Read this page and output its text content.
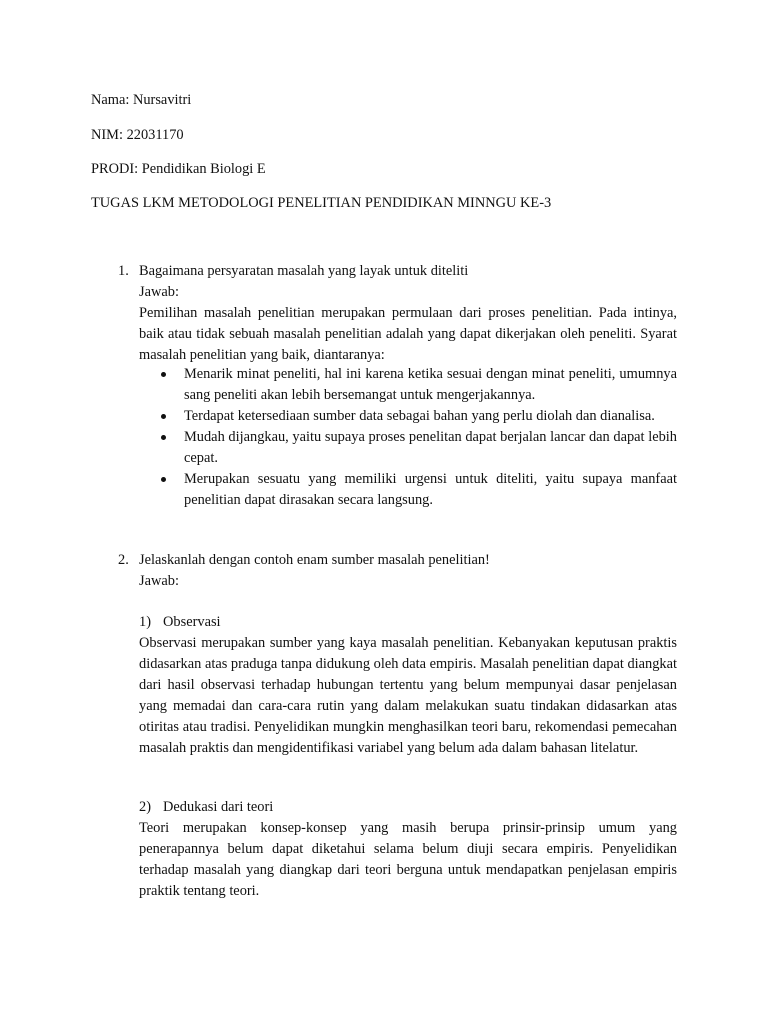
Nama: Nursavitri
NIM: 22031170
PRODI: Pendidikan Biologi E
TUGAS LKM METODOLOGI PENELITIAN PENDIDIKAN MINNGU KE-3
1. Bagaimana persyaratan masalah yang layak untuk diteliti
Jawab:
Pemilihan masalah penelitian merupakan permulaan dari proses penelitian. Pada intinya, baik atau tidak sebuah masalah penelitian adalah yang dapat dikerjakan oleh peneliti. Syarat masalah penelitian yang baik, diantaranya:
Menarik minat peneliti, hal ini karena ketika sesuai dengan minat peneliti, umumnya sang peneliti akan lebih bersemangat untuk mengerjakannya.
Terdapat ketersediaan sumber data sebagai bahan yang perlu diolah dan dianalisa.
Mudah dijangkau, yaitu supaya proses penelitan dapat berjalan lancar dan dapat lebih cepat.
Merupakan sesuatu yang memiliki urgensi untuk diteliti, yaitu supaya manfaat penelitian dapat dirasakan secara langsung.
2. Jelaskanlah dengan contoh enam sumber masalah penelitian!
Jawab:
1) Observasi
Observasi merupakan sumber yang kaya masalah penelitian. Kebanyakan keputusan praktis didasarkan atas praduga tanpa didukung oleh data empiris. Masalah penelitian dapat diangkat dari hasil observasi terhadap hubungan tertentu yang belum mempunyai dasar penjelasan yang memadai dan cara-cara rutin yang dalam melakukan suatu tindakan didasarkan atas otiritas atau tradisi. Penyelidikan mungkin menghasilkan teori baru, rekomendasi pemecahan masalah praktis dan mengidentifikasi variabel yang belum ada dalam bahasan litelatur.
2) Dedukasi dari teori
Teori merupakan konsep-konsep yang masih berupa prinsir-prinsip umum yang penerapannya belum dapat diketahui selama belum diuji secara empiris. Penyelidikan terhadap masalah yang diangkap dari teori berguna untuk mendapatkan penjelasan empiris praktik tentang teori.
